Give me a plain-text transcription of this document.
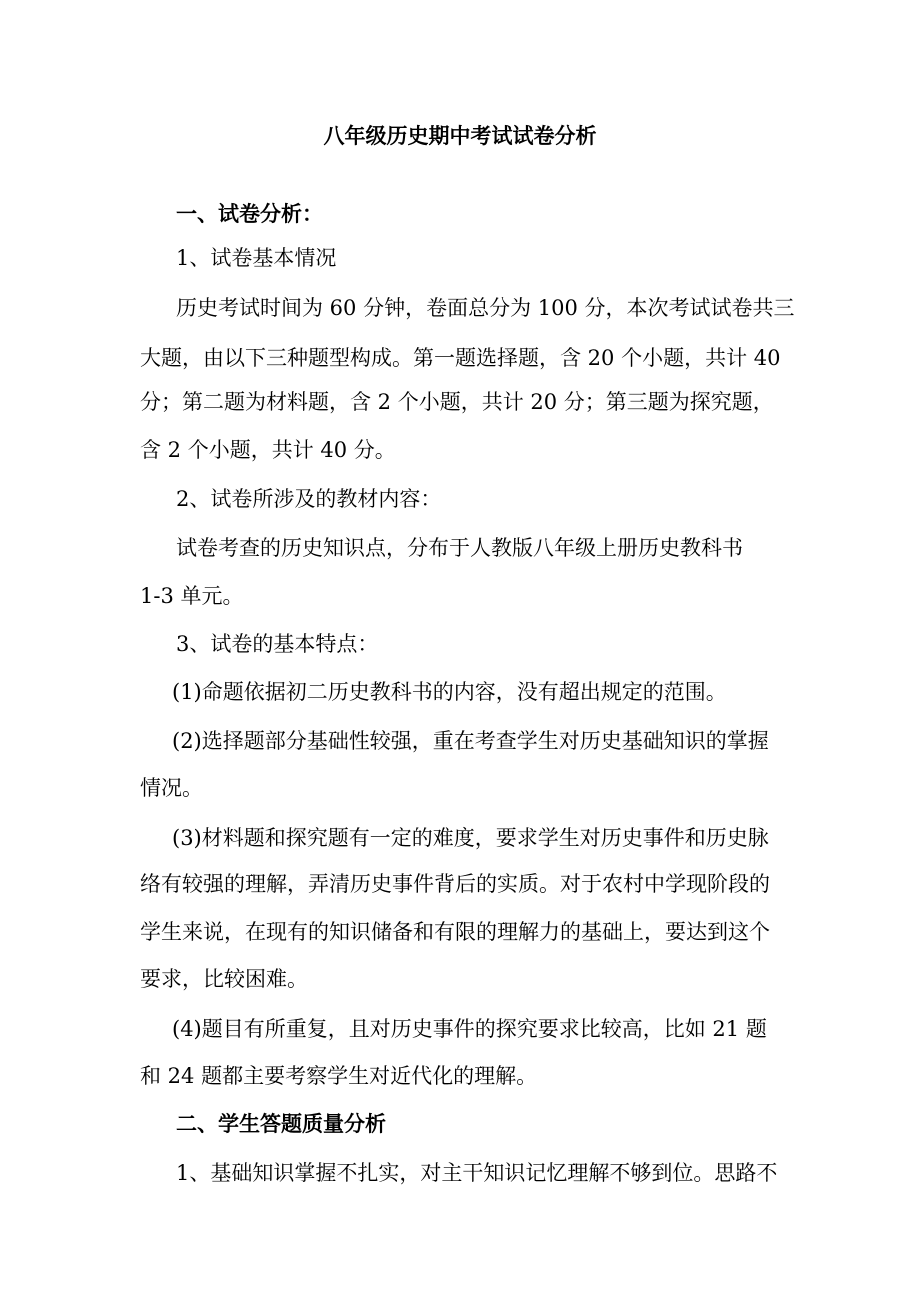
八年级历史期中考试试卷分析
一、试卷分析：
1、试卷基本情况
历史考试时间为 60 分钟，卷面总分为 100 分，本次考试试卷共三
大题，由以下三种题型构成。第一题选择题，含 20 个小题，共计 40
分；第二题为材料题，含 2 个小题，共计 20 分；第三题为探究题，
含 2 个小题，共计 40 分。
2、试卷所涉及的教材内容：
试卷考查的历史知识点，分布于人教版八年级上册历史教科书
1-3 单元。
3、试卷的基本特点：
(1)命题依据初二历史教科书的内容，没有超出规定的范围。
(2)选择题部分基础性较强，重在考查学生对历史基础知识的掌握
情况。
(3)材料题和探究题有一定的难度，要求学生对历史事件和历史脉
络有较强的理解，弄清历史事件背后的实质。对于农村中学现阶段的
学生来说，在现有的知识储备和有限的理解力的基础上，要达到这个
要求，比较困难。
(4)题目有所重复，且对历史事件的探究要求比较高，比如 21 题
和 24 题都主要考察学生对近代化的理解。
二、学生答题质量分析
1、基础知识掌握不扎实，对主干知识记忆理解不够到位。思路不
